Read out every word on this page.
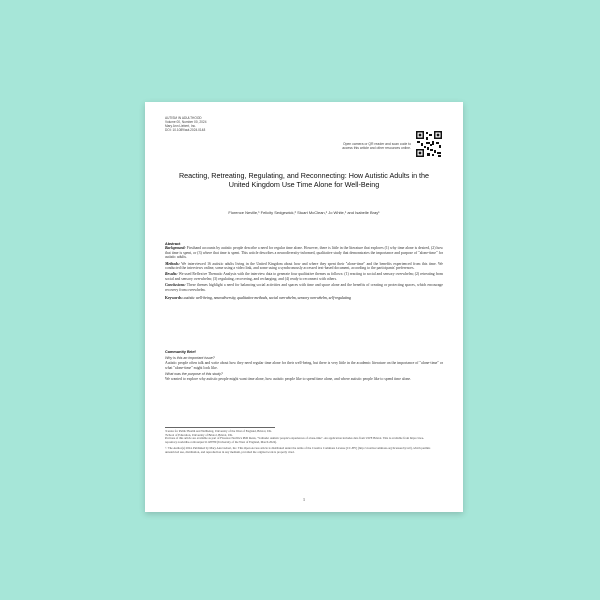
AUTISM IN ADULTHOOD
Volume 00, Number 00, 2024
Mary Ann Liebert, Inc.
DOI: 10.1089/aut.2024.0148
Open camera or QR reader and scan code to access this article and other resources online.
Reacting, Retreating, Regulating, and Reconnecting: How Autistic Adults in the United Kingdom Use Time Alone for Well-Being
Florence Neville,¹ Felicity Sedgewick,² Stuart McClean,¹ Jo White,¹ and Isabelle Bray¹
Abstract

Background: Firsthand accounts by autistic people describe a need for regular time alone. However, there is little in the literature that explores (1) why time alone is desired, (2) how that time is spent, or (3) where that time is spent. This article describes a neurodiversity-informed, qualitative study that demonstrates the importance and purpose of "alone-time" for autistic adults.

Methods: We interviewed 16 autistic adults living in the United Kingdom about how and where they spent their "alone-time" and the benefits experienced from this time. We conducted the interviews online, some using a video link, and some using a synchronously accessed text-based document, according to the participants' preferences.

Results: We used Reflexive Thematic Analysis with the interview data to generate four qualitative themes as follows: (1) reacting to social and sensory overwhelm; (2) retreating from social and sensory overwhelm; (3) regulating, recovering, and recharging; and (4) ready to reconnect with others.

Conclusions: These themes highlight a need for balancing social activities and spaces with time and space alone and the benefits of creating or protecting spaces, which encourage recovery from overwhelm.

Keywords: autistic well-being, neurodiversity, qualitative methods, social overwhelm, sensory overwhelm, self-regulating

Community Brief
Why is this an important issue?

Autistic people often talk and write about how they need regular time alone for their well-being, but there is very little in the academic literature on the importance of "alone-time" or what "alone-time" might look like.

What was the purpose of this study?

We wanted to explore why autistic people might want time alone, how autistic people like to spend time alone, and where autistic people like to spend time alone.

¹Centre for Public Health and Wellbeing, University of the West of England, Bristol, UK.

²School of Education, University of Bristol, Bristol, UK.

Portions of this article are available as part of Florence Neville's PhD thesis, "Solitude: Autistic people's experiences of alone-time". An application includes data from UWE Bristol. This is available from https://uwe-repository.worktribe.com/output/11128789 (University of the West of England, March 2024).

© The Author(s) 2024. Published by Mary Ann Liebert, Inc. This Open Access article is distributed under the terms of the Creative Commons License [CC-BY] (http://creativecommons.org/licenses/by/4.0), which permits unrestricted use, distribution, and reproduction in any medium, provided the original work is properly cited.

1
